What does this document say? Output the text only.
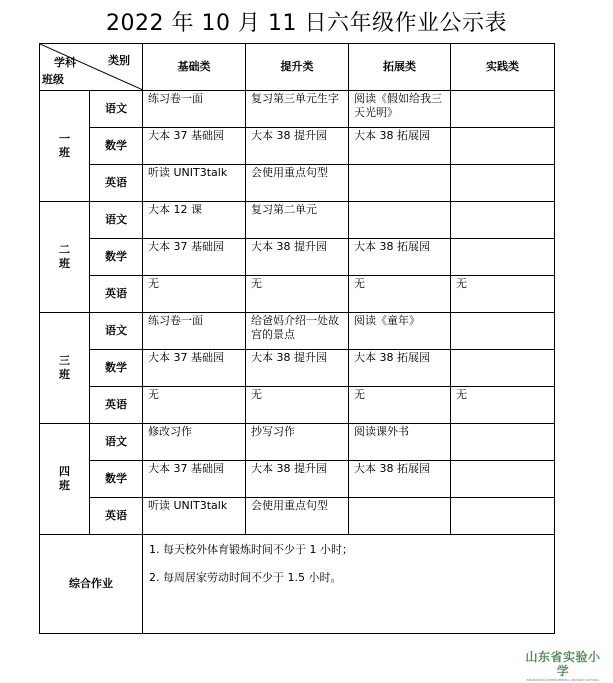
2022 年 10 月 11 日六年级作业公示表
类别
学科
班级		基础类	提升类	拓展类	实践类

一
班	语文	练习卷一面	复习第三单元生字	阅读《假如给我三天光明》	
	数学	大本 37 基础园	大本 38 提升园	大本 38 拓展园	
	英语	听读 UNIT3talk	会使用重点句型		

二
班	语文	大本 12 课	复习第二单元		
	数学	大本 37 基础园	大本 38 提升园	大本 38 拓展园	
	英语	无	无	无	无

三
班	语文	练习卷一面	给爸妈介绍一处故宫的景点	阅读《童年》	
	数学	大本 37 基础园	大本 38 提升园	大本 38 拓展园	
	英语	无	无	无	无

四
班	语文	修改习作	抄写习作	阅读课外书	
	数学	大本 37 基础园	大本 38 提升园	大本 38 拓展园	
	英语	听读 UNIT3talk	会使用重点句型		
综合作业		1. 每天校外体育锻炼时间不少于 1 小时；

2. 每周居家劳动时间不少于 1.5 小时。			

山东省实验小学
SHANDONG EXPERIMENTAL PRIMARY SCHOOL
